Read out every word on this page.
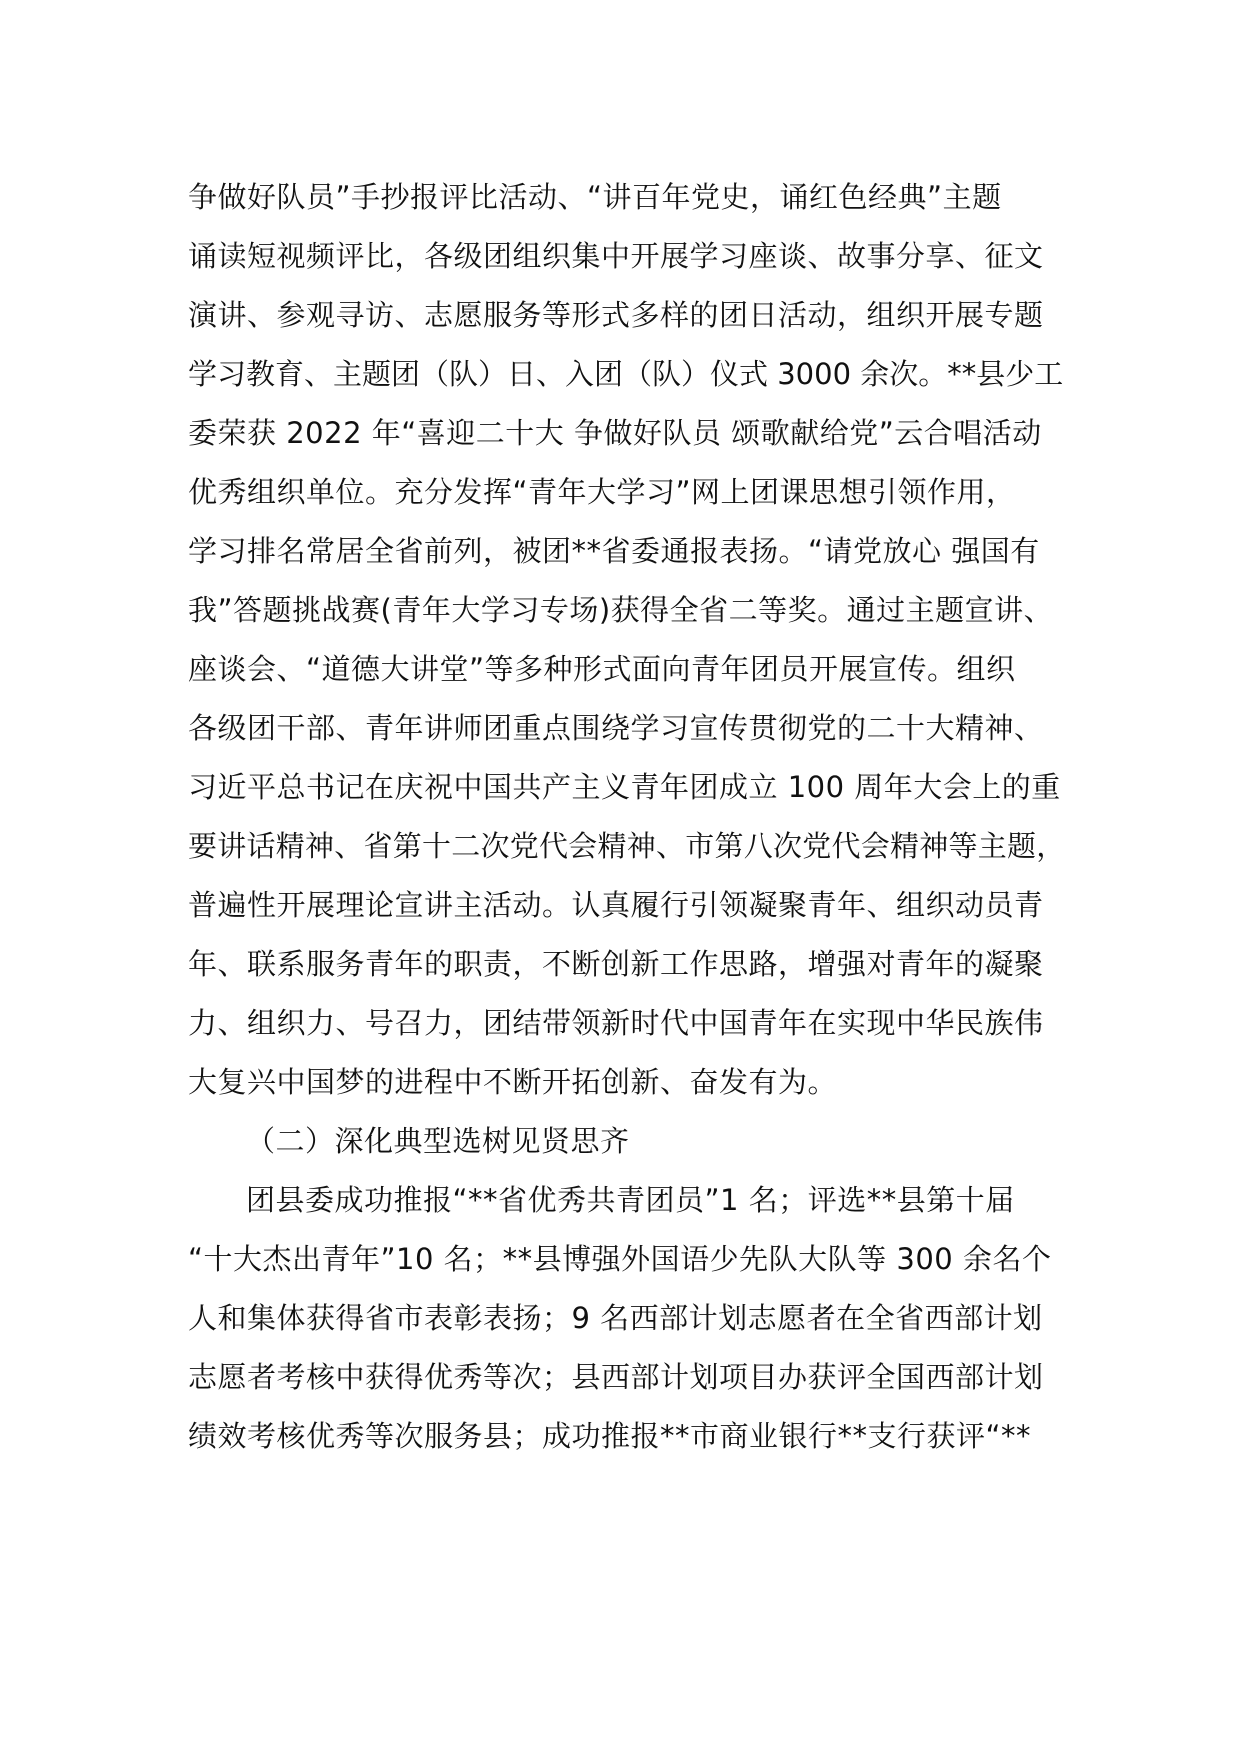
争做好队员”手抄报评比活动、“讲百年党史，诵红色经典”主题
诵读短视频评比，各级团组织集中开展学习座谈、故事分享、征文
演讲、参观寻访、志愿服务等形式多样的团日活动，组织开展专题
学习教育、主题团（队）日、入团（队）仪式 3000 余次。**县少工
委荣获 2022 年“喜迎二十大 争做好队员 颂歌献给党”云合唱活动
优秀组织单位。充分发挥“青年大学习”网上团课思想引领作用，
学习排名常居全省前列，被团**省委通报表扬。“请党放心 强国有
我”答题挑战赛(青年大学习专场)获得全省二等奖。通过主题宣讲、
座谈会、“道德大讲堂”等多种形式面向青年团员开展宣传。组织
各级团干部、青年讲师团重点围绕学习宣传贯彻党的二十大精神、
习近平总书记在庆祝中国共产主义青年团成立 100 周年大会上的重
要讲话精神、省第十二次党代会精神、市第八次党代会精神等主题，
普遍性开展理论宣讲主活动。认真履行引领凝聚青年、组织动员青
年、联系服务青年的职责，不断创新工作思路，增强对青年的凝聚
力、组织力、号召力，团结带领新时代中国青年在实现中华民族伟
大复兴中国梦的进程中不断开拓创新、奋发有为。
（二）深化典型选树见贤思齐
团县委成功推报“**省优秀共青团员”1 名；评选**县第十届
“十大杰出青年”10 名；**县博强外国语少先队大队等 300 余名个
人和集体获得省市表彰表扬；9 名西部计划志愿者在全省西部计划
志愿者考核中获得优秀等次；县西部计划项目办获评全国西部计划
绩效考核优秀等次服务县；成功推报**市商业银行**支行获评“**
